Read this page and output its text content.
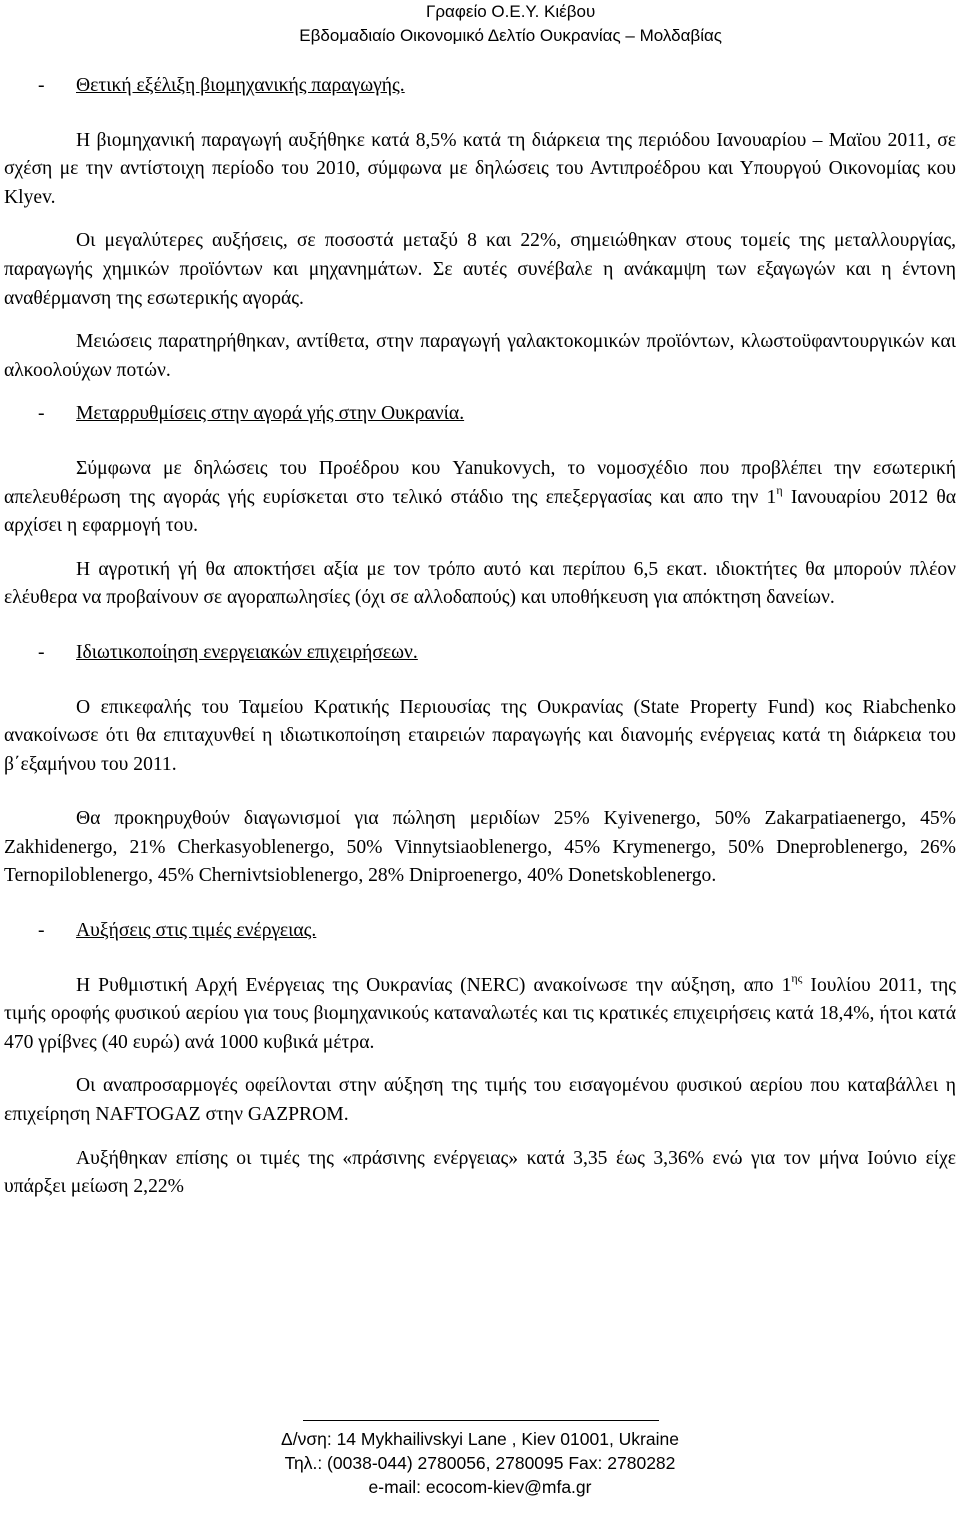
Γραφείο Ο.Ε.Υ. Κιέβου
Εβδομαδιαίο Οικονομικό Δελτίο Ουκρανίας – Μολδαβίας
-	Θετική εξέλιξη βιομηχανικής παραγωγής.

Η βιομηχανική παραγωγή αυξήθηκε κατά 8,5% κατά τη διάρκεια της περιόδου Ιανουαρίου – Μαϊου 2011, σε σχέση με την αντίστοιχη περίοδο του 2010, σύμφωνα με δηλώσεις του Αντιπροέδρου και Υπουργού Οικονομίας κου Klyev.

Οι μεγαλύτερες αυξήσεις, σε ποσοστά μεταξύ 8 και 22%, σημειώθηκαν στους τομείς της μεταλλουργίας, παραγωγής χημικών προϊόντων και μηχανημάτων. Σε αυτές συνέβαλε η ανάκαμψη των εξαγωγών και η έντονη αναθέρμανση της εσωτερικής αγοράς.

Μειώσεις παρατηρήθηκαν, αντίθετα, στην παραγωγή γαλακτοκομικών προϊόντων, κλωστοϋφαντουργικών και αλκοολούχων ποτών.

-	Μεταρρυθμίσεις στην αγορά γής στην Ουκρανία.

Σύμφωνα με δηλώσεις του Προέδρου κου Yanukovych, το νομοσχέδιο που προβλέπει την εσωτερική απελευθέρωση της αγοράς γής ευρίσκεται στο τελικό στάδιο της επεξεργασίας και απο την $1^\eta$ Ιανουαρίου 2012 θα αρχίσει η εφαρμογή του.

Η αγροτική γή θα αποκτήσει αξία με τον τρόπο αυτό και περίπου 6,5 εκατ. ιδιοκτήτες θα μπορούν πλέον ελέυθερα να προβαίνουν σε αγοραπωλησίες (όχι σε αλλοδαπούς) και υποθήκευση για απόκτηση δανείων.

-	Ιδιωτικοποίηση ενεργειακών επιχειρήσεων.

Ο επικεφαλής του Ταμείου Κρατικής Περιουσίας της Ουκρανίας (State Property Fund) κος Riabchenko ανακοίνωσε ότι θα επιταχυνθεί η ιδιωτικοποίηση εταιρειών παραγωγής και διανομής ενέργειας κατά τη διάρκεια του β΄εξαμήνου του 2011.

Θα προκηρυχθούν διαγωνισμοί για πώληση μεριδίων 25% Kyivenergo, 50% Zakarpatiaenergo, 45% Zakhidenergo, 21% Cherkasyoblenergo, 50% Vinnytsiaoblenergo, 45% Krymenergo, 50% Dneproblenergo, 26% Ternopiloblenergo, 45% Chernivtsioblenergo, 28% Dniproenergo, 40% Donetskoblenergo.

-	Αυξήσεις στις τιμές ενέργειας.

Η Ρυθμιστική Αρχή Ενέργειας της Ουκρανίας (NERC) ανακοίνωσε την αύξηση, απο $1^{\eta\varsigma}$ Ιουλίου 2011, της τιμής οροφής φυσικού αερίου για τους βιομηχανικούς καταναλωτές και τις κρατικές επιχειρήσεις κατά 18,4%, ήτοι κατά 470 γρίβνες (40 ευρώ) ανά 1000 κυβικά μέτρα.

Οι αναπροσαρμογές οφείλονται στην αύξηση της τιμής του εισαγομένου φυσικού αερίου που καταβάλλει η επιχείρηση NAFTOGAZ στην GAZPROM.

Αυξήθηκαν επίσης οι τιμές της «πράσινης ενέργειας» κατά 3,35 έως 3,36% ενώ για τον μήνα Ιούνιο είχε υπάρξει μείωση 2,22%

Δ/νση: 14 Mykhailivskyi Lane , Kiev 01001, Ukraine
Τηλ.: (0038-044) 2780056, 2780095 Fax: 2780282
e-mail: ecocom-kiev@mfa.gr
